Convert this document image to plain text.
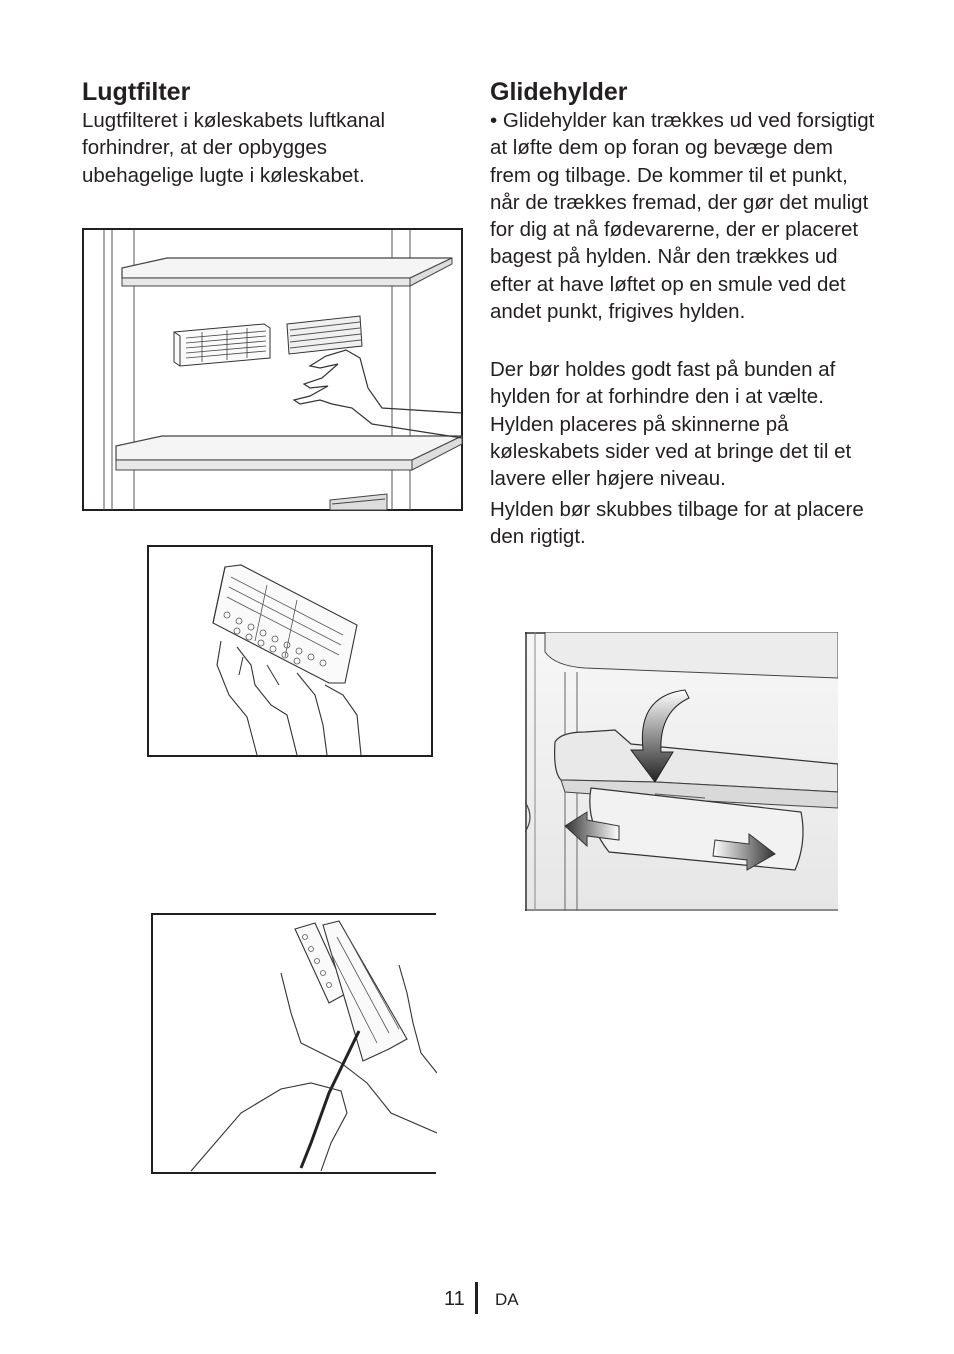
Lugtfilter

Lugtfilteret i køleskabets luftkanal forhindrer, at der opbygges ubehagelige lugte i køleskabet.

Glidehylder

• Glidehylder kan trækkes ud ved forsigtigt at løfte dem op foran og bevæge dem frem og tilbage. De kommer til et punkt, når de trækkes fremad, der gør det muligt for dig at nå fødevarerne, der er placeret bagest på hylden. Når den trækkes ud efter at have løftet op en smule ved det andet punkt, frigives hylden.

Der bør holdes godt fast på bunden af hylden for at forhindre den i at vælte. Hylden placeres på skinnerne på køleskabets sider ved at bringe det til et lavere eller højere niveau.

Hylden bør skubbes tilbage for at placere den rigtigt.

11 DA
